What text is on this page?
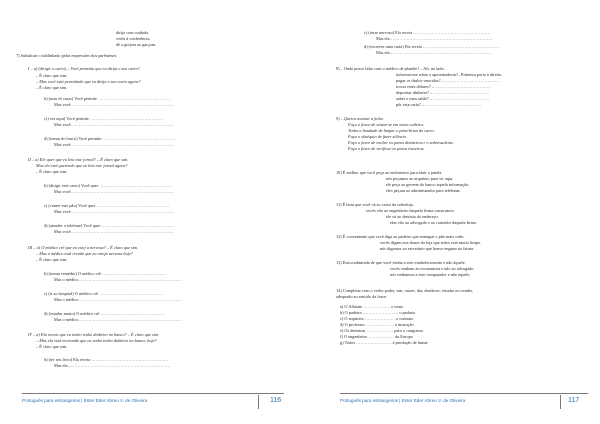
dirija com cuidado.
verbs à conferência.
dê a gorjeta ao garçom.
7) Substituir o sublinhado pelas expressões dos parênteses:
I – a) (dirigir o carro) – Você permitiu que eu dirija o seu carro?
– É claro que sim.
– Mas você está permitindo que eu dirija o seu carro agora?
– É claro que sim.
b) (usar di casas) Você permite ……………………………………………
Mas você………………………………………………………………
c) (ver aqui) Você permite ……………………………………………
Mas você………………………………………………………………
d) (tomar do barco) Você permite ……………………………………………
Mas você………………………………………………………………
II – a) Ele quer que eu leia este jornal? – É claro que sim.
Mas ele está querendo que eu leia este jornal agora?
– É claro que sim.
b) (dirigir este carro) Você quer ……………………………………………
Mas você………………………………………………………………
c) (comer este pão) Você quer ……………………………………………
Mas você………………………………………………………………
d) (atender o telefone) Você quer ……………………………………………
Mas você………………………………………………………………
III – a) O médico crê que eu estej a nervosa? – É claro que sim.
– Mas o médico está crendo que eu esteja nervosa hoje?
– É claro que sim.
b) (tomar remédio) O médico crê ………………………………………
Mas o médico………………………………………………………………
c) (ir ao hospital) O médico crê ………………………………………
Mas o médico………………………………………………………………
d) (estudar muito) O médico crê ………………………………………
Mas o médico………………………………………………………………
IV – a) Ela receia que eu tenho tenho dinheiro no banco? – É claro que sim.
– Mas ela está receiando que eu tenho tenho dinheiro no banco, hoje?
– É claro que sim.
b) (ter seu livro) Ela receia ………………………………………………
Mas ela………………………………………………………………
Português para estrangeiros | Ester Eder Abreu V. de Oliveira	116
c) (estar nervoso) Ela receia ………………………………………………
Mas ela………………………………………………………………
d) (escrever uma carta) Ela receia ………………………………………………
Mas ela………………………………………………………………
8) – Onde posso falar com o médico de plantão? – Ali, no lado.
informar-me sobre a aposentadoria?– Primeira porta à direita.
pagar os títulos vencidos? – …………………………………
trocar estes dólares? – …………………………………
depositar dinheiro? – …………………………………
saber o meu saldo? – …………………………………
pôr esta carta? – …………………………………
9) – Queira assinar a ficha.
Faça o favor de sentar-se em outra cadeira.
Tenha a bondade de limpar o pára-brisa do carro.
Faça o obséquio de fazer silêncio.
Faça o favor de encher os pneus dianteiros e o sobressalente.
Faça o favor de verificar os pneus traseiros.
10) É melhor que você peça ao enfermeiro para abrir a janela.
nós peçamos ao arquiteto para vir aqui.
ele peça ao gerente do banco aquela informação.
eles peçam ao administrador para telefonar.
11) É bom que você vá ao caixa da sobreloja.
vocês vão ao engenheiro daquela firma construtora.
ele vá ao dentista do endereço.
elas vão ao advogado e ao contador daquela firma.
12) É conveniente que você diga ao padeiro que entregue o pão mais cedo.
vocês digam aos donos da loja que todos está muito limpo.
nós digamos ao secretário que houve engano na fatura.
13) Estou admirada de que você venha a este estabelecimento e não àquele.
vocês venham ao economista e não ao advogado.
nós venhamos a este computador e não àquele.
14) Completar com o verbo poder, sair, varrer, dar, obedecer, estudar ou vender,
adequado ao sentido da frase:
a) O Alfaiate ………………. o terno
b) O padeiro ……………………. o padaria
c) O arquiteto ………………… o contrato
d) O professor ……………….. a instrução
e) Os dentistas ………………. para o congresso
f) O engenheiro ……………… da Europa
g) Todos ……………………. à produção de lumar
Português para estrangeiros | Ester Eder Abreu V. de Oliveira	117
